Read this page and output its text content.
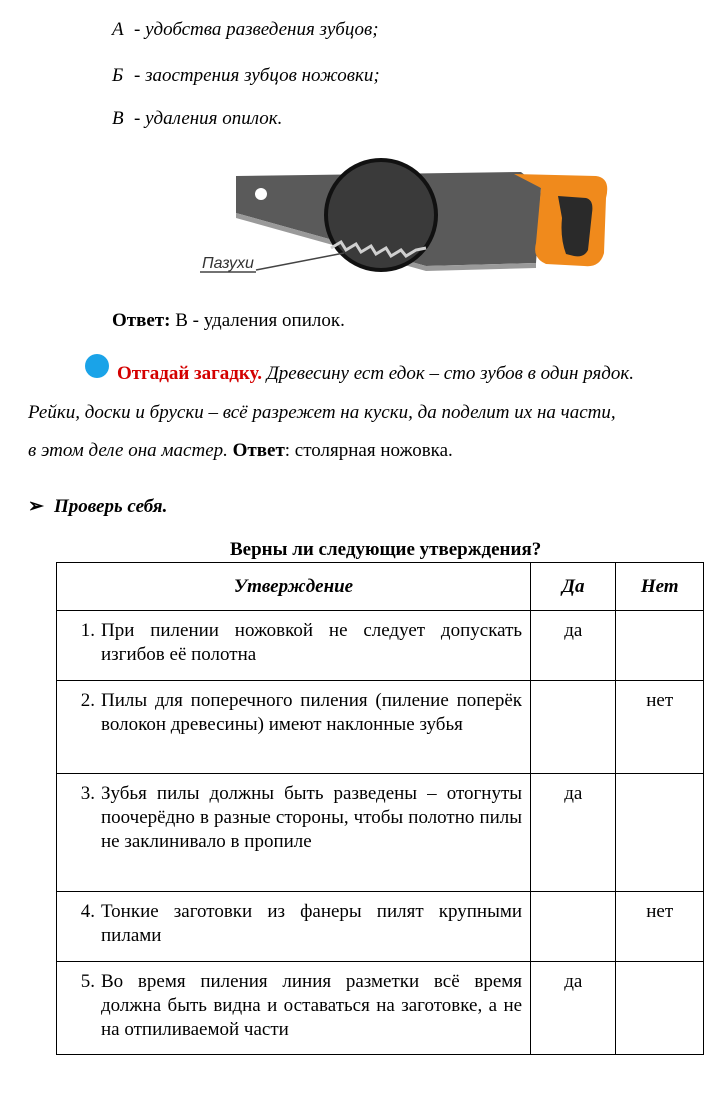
А - удобства разведения зубцов;
Б - заострения зубцов ножовки;
В - удаления опилок.
Пазухи
Ответ: В - удаления опилок.
Отгадай загадку. Древесину ест едок – сто зубов в один рядок.
Рейки, доски и бруски – всё разрежет на куски, да поделит их на части,
в этом деле она мастер. Ответ: столярная ножовка.
➢ Проверь себя.
Верны ли следующие утверждения?
Утверждение	Да	Нет

1. При пилении ножовкой не следует допускать изгибов её полотна	да	

2. Пилы для поперечного пиления (пиление поперёк волокон древесины) имеют наклонные зубья		нет

3. Зубья пилы должны быть разведены – отогнуты поочерёдно в разные стороны, чтобы полотно пилы не заклинивало в пропиле	да	

4. Тонкие заготовки из фанеры пилят крупными пилами		нет

5. Во время пиления линия разметки всё время должна быть видна и оставаться на заготовке, а не на отпиливаемой части	да	
